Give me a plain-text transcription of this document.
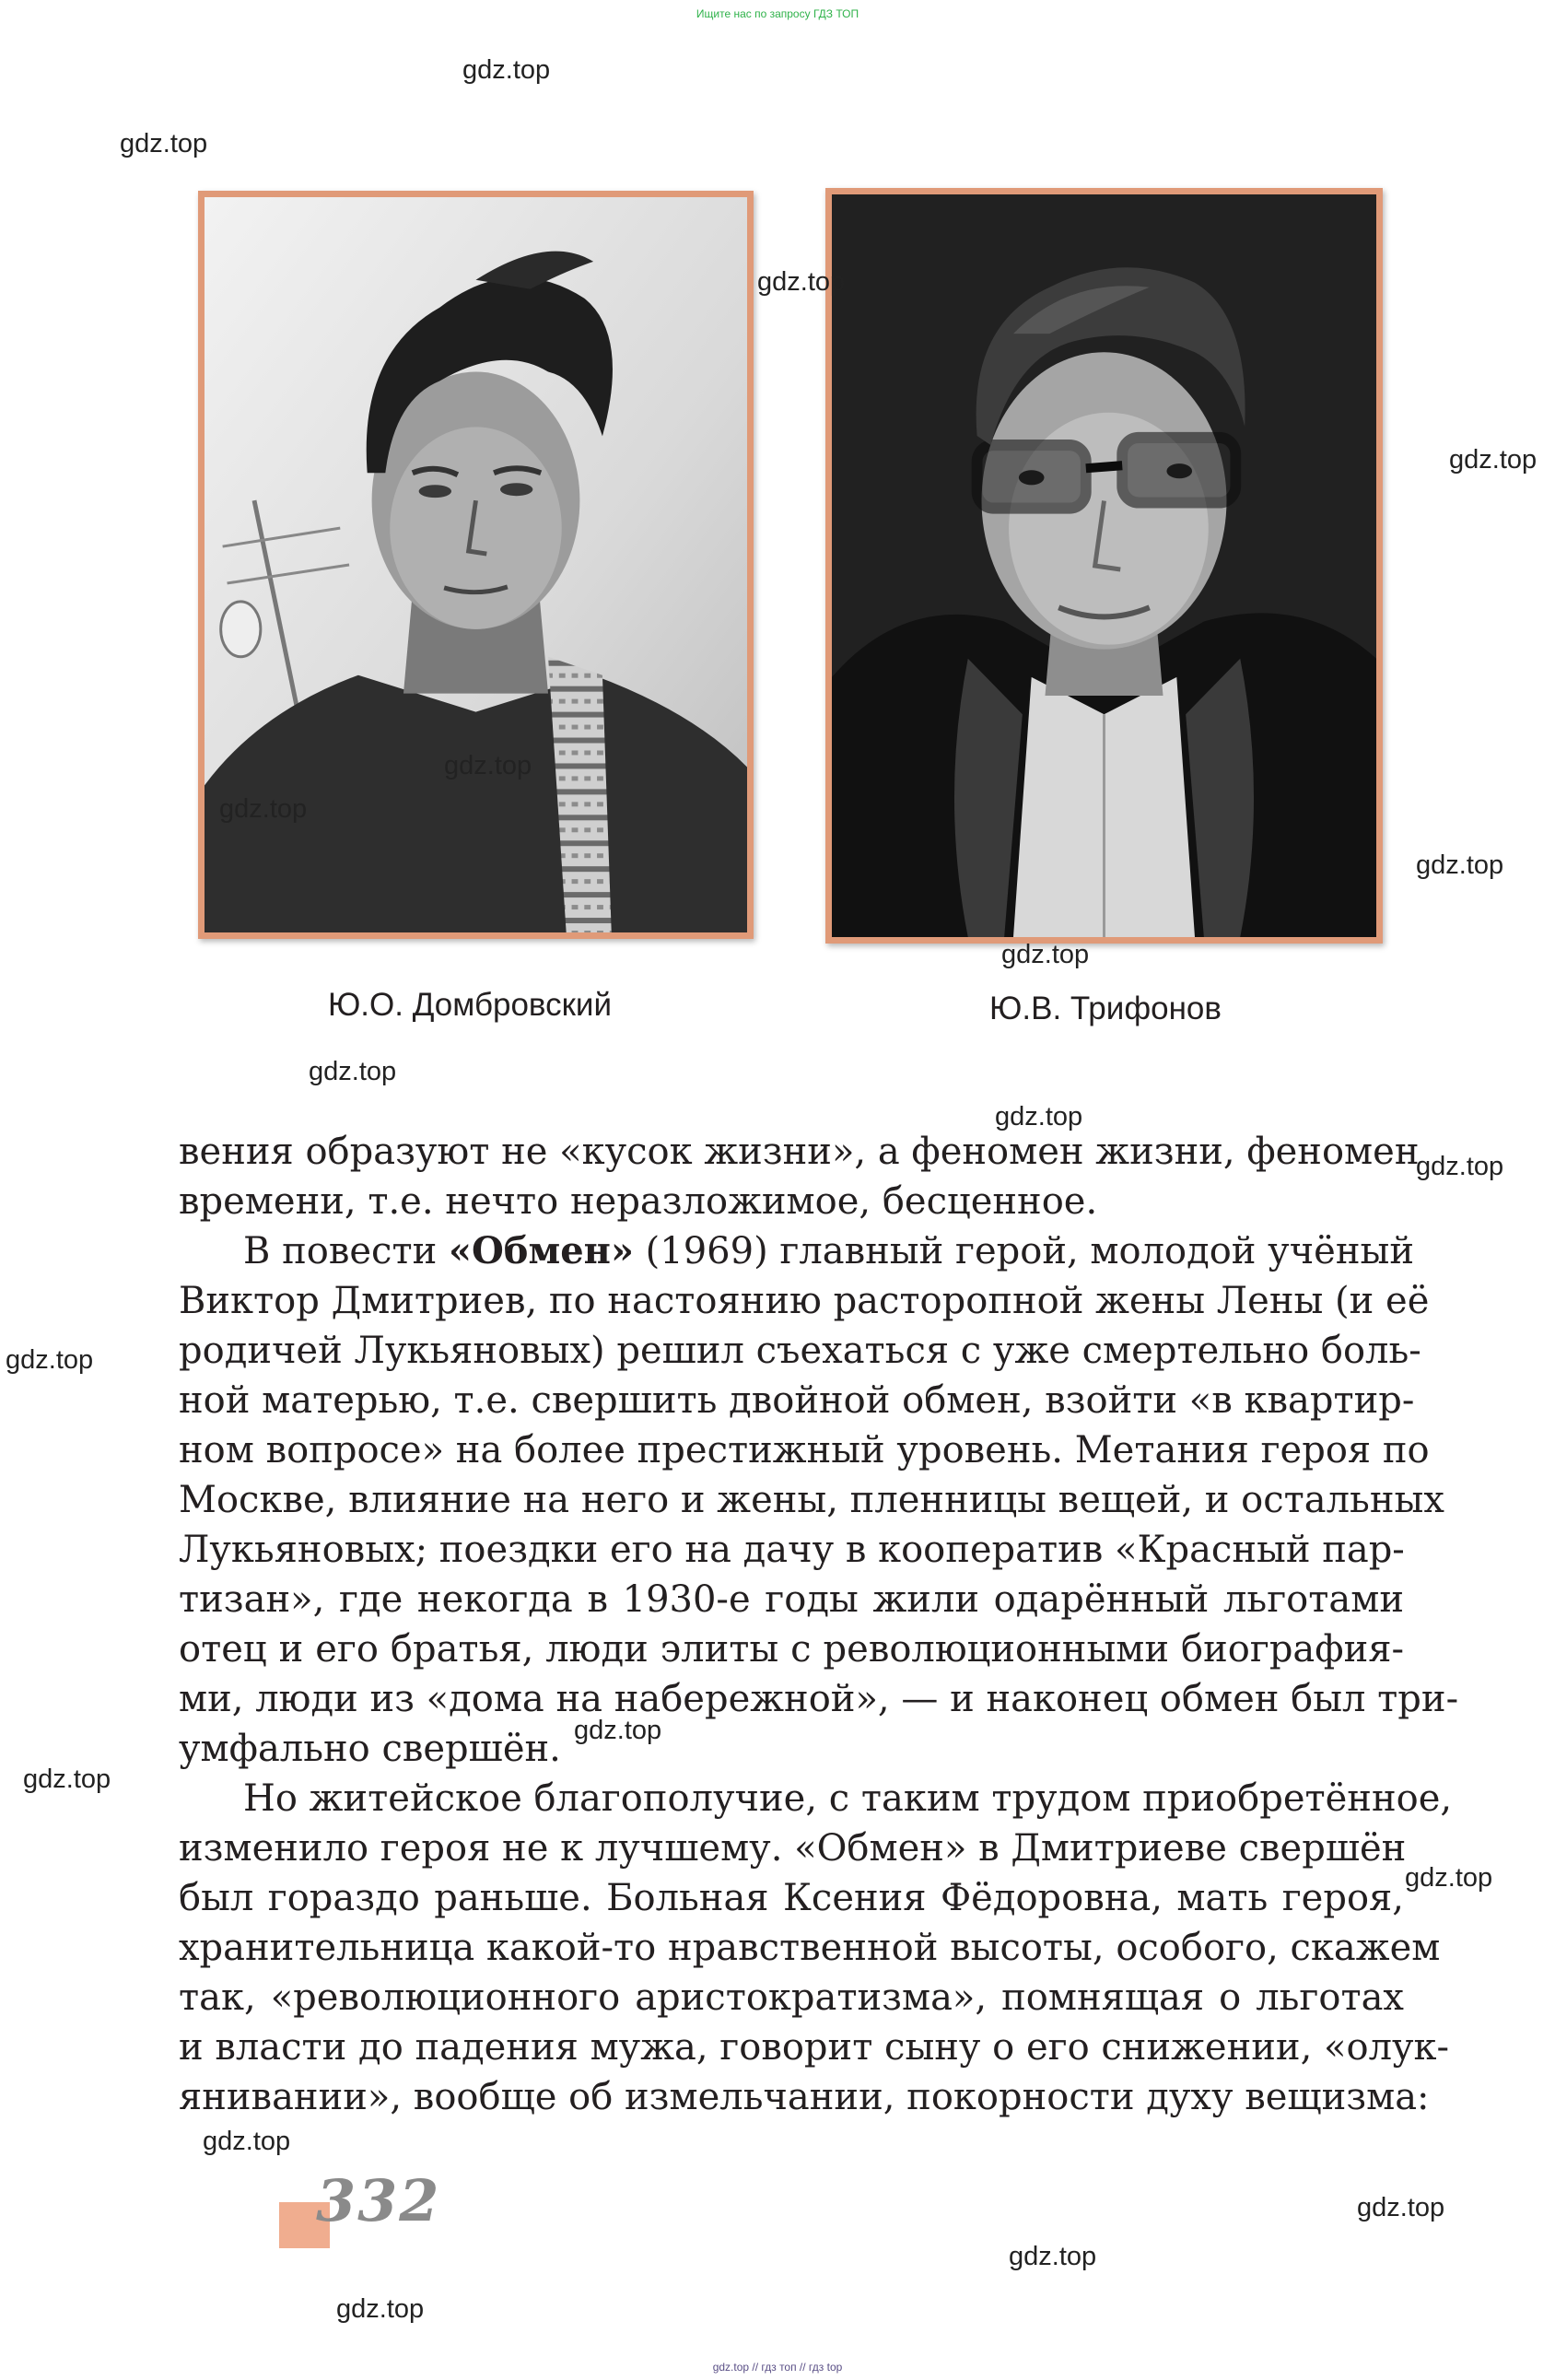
Ищите нас по запросу ГДЗ ТОП
gdz.top // гдз топ // гдз top
Ю.О. Домбровский	Ю.В. Трифонов
вения образуют не «кусок жизни», а феномен жизни, феномен
времени, т.е. нечто неразложимое, бесценное.
В повести «Обмен» (1969) главный герой, молодой учёный
Виктор Дмитриев, по настоянию расторопной жены Лены (и её
родичей Лукьяновых) решил съехаться с уже смертельно боль-
ной матерью, т.е. свершить двойной обмен, взойти «в квартир-
ном вопросе» на более престижный уровень. Метания героя по
Москве, влияние на него и жены, пленницы вещей, и остальных
Лукьяновых; поездки его на дачу в кооператив «Красный пар-
тизан», где некогда в 1930-е годы жили одарённый льготами
отец и его братья, люди элиты с революционными биография-
ми, люди из «дома на набережной», — и наконец обмен был три-
умфально свершён.
Но житейское благополучие, с таким трудом приобретённое,
изменило героя не к лучшему. «Обмен» в Дмитриеве свершён
был гораздо раньше. Больная Ксения Фёдоровна, мать героя,
хранительница какой-то нравственной высоты, особого, скажем
так, «революционного аристократизма», помнящая о льготах
и власти до падения мужа, говорит сыну о его снижении, «олук-
янивании», вообще об измельчании, покорности духу вещизма:
332
gdz.top
gdz.top
gdz.top
gdz.top
gdz.top
gdz.top
gdz.top
gdz.top
gdz.top
gdz.top
gdz.top
gdz.top
gdz.top
gdz.top
gdz.top
gdz.top
gdz.top
gdz.top
gdz.top
